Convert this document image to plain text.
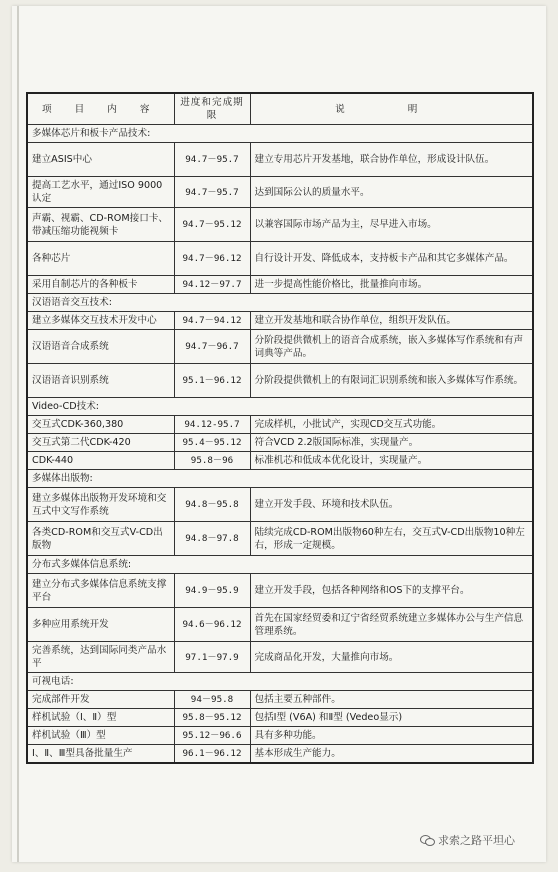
项 目 内 容	进度和完成期限	说 明
多媒体芯片和板卡产品技术:		
建立ASIS中心	94.7－95.7	建立专用芯片开发基地，联合协作单位，形成设计队伍。
提高工艺水平，通过ISO 9000认定	94.7－95.7	达到国际公认的质量水平。
声霸、视霸、CD-ROM接口卡、带减压缩功能视频卡	94.7－95.12	以兼容国际市场产品为主，尽早进入市场。
各种芯片	94.7－96.12	自行设计开发、降低成本，支持板卡产品和其它多媒体产品。
采用自制芯片的各种板卡	94.12－97.7	进一步提高性能价格比，批量推向市场。
汉语语音交互技术:		
建立多媒体交互技术开发中心	94.7－94.12	建立开发基地和联合协作单位，组织开发队伍。
汉语语音合成系统	94.7－96.7	分阶段提供微机上的语音合成系统，嵌入多媒体写作系统和有声词典等产品。
汉语语音识别系统	95.1－96.12	分阶段提供微机上的有限词汇识别系统和嵌入多媒体写作系统。
Video-CD技术:		
交互式CDK-360,380	94.12-95.7	完成样机，小批试产，实现CD交互式功能。
交互式第二代CDK-420	95.4－95.12	符合VCD 2.2版国际标准，实现量产。
CDK-440	95.8－96	标准机芯和低成本优化设计，实现量产。
多媒体出版物:		
建立多媒体出版物开发环境和交互式中文写作系统	94.8－95.8	建立开发手段、环境和技术队伍。
各类CD-ROM和交互式V-CD出版物	94.8－97.8	陆续完成CD-ROM出版物60种左右，交互式V-CD出版物10种左右，形成一定规模。
分布式多媒体信息系统:		
建立分布式多媒体信息系统支撑平台	94.9－95.9	建立开发手段，包括各种网络和OS下的支撑平台。
多种应用系统开发	94.6－96.12	首先在国家经贸委和辽宁省经贸系统建立多媒体办公与生产信息管理系统。
完善系统，达到国际同类产品水平	97.1－97.9	完成商品化开发，大量推向市场。
可视电话:		
完成部件开发	94－95.8	包括主要五种部件。
样机试验（Ⅰ、Ⅱ）型	95.8－95.12	包括Ⅰ型 (V6A) 和Ⅱ型 (Vedeo显示)
样机试验（Ⅲ）型	95.12－96.6	具有多种功能。
Ⅰ、Ⅱ、Ⅲ型具备批量生产	96.1－96.12	基本形成生产能力。
求索之路平坦心
